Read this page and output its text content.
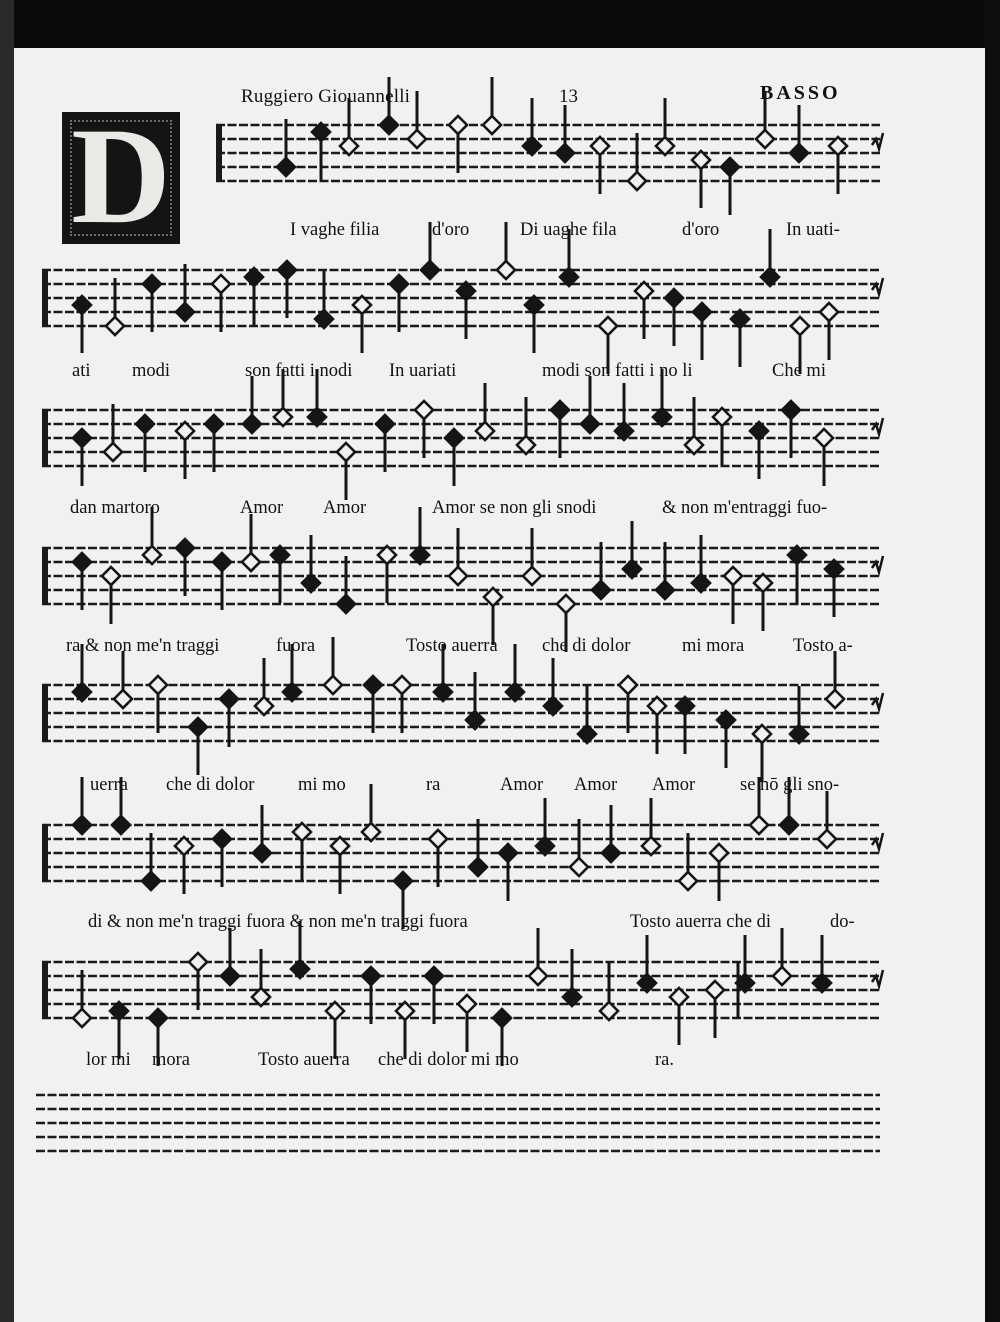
Ruggiero Giouannelli	13	BASSO
D	I vaghe filia	d'oro	Di uaghe fila	d'oro	In uati-
ati modi	son fatti i nodi In uariati	modi son fatti i no li	Che mi
dan martoro	Amor Amor	Amor se non gli snodi	& non m'entraggi fuo-
ra & non me'n traggi	fuora	Tosto auerra che di dolor	mi mora	Tosto a-
uerra che di dolor mi mo	ra	Amor Amor Amor se nō gli sno-
di & non me'n traggi fuora & non me'n traggi fuora	Tosto auerra che di	do-
lor mi mora	Tosto auerra che di dolor mi mo	ra.
